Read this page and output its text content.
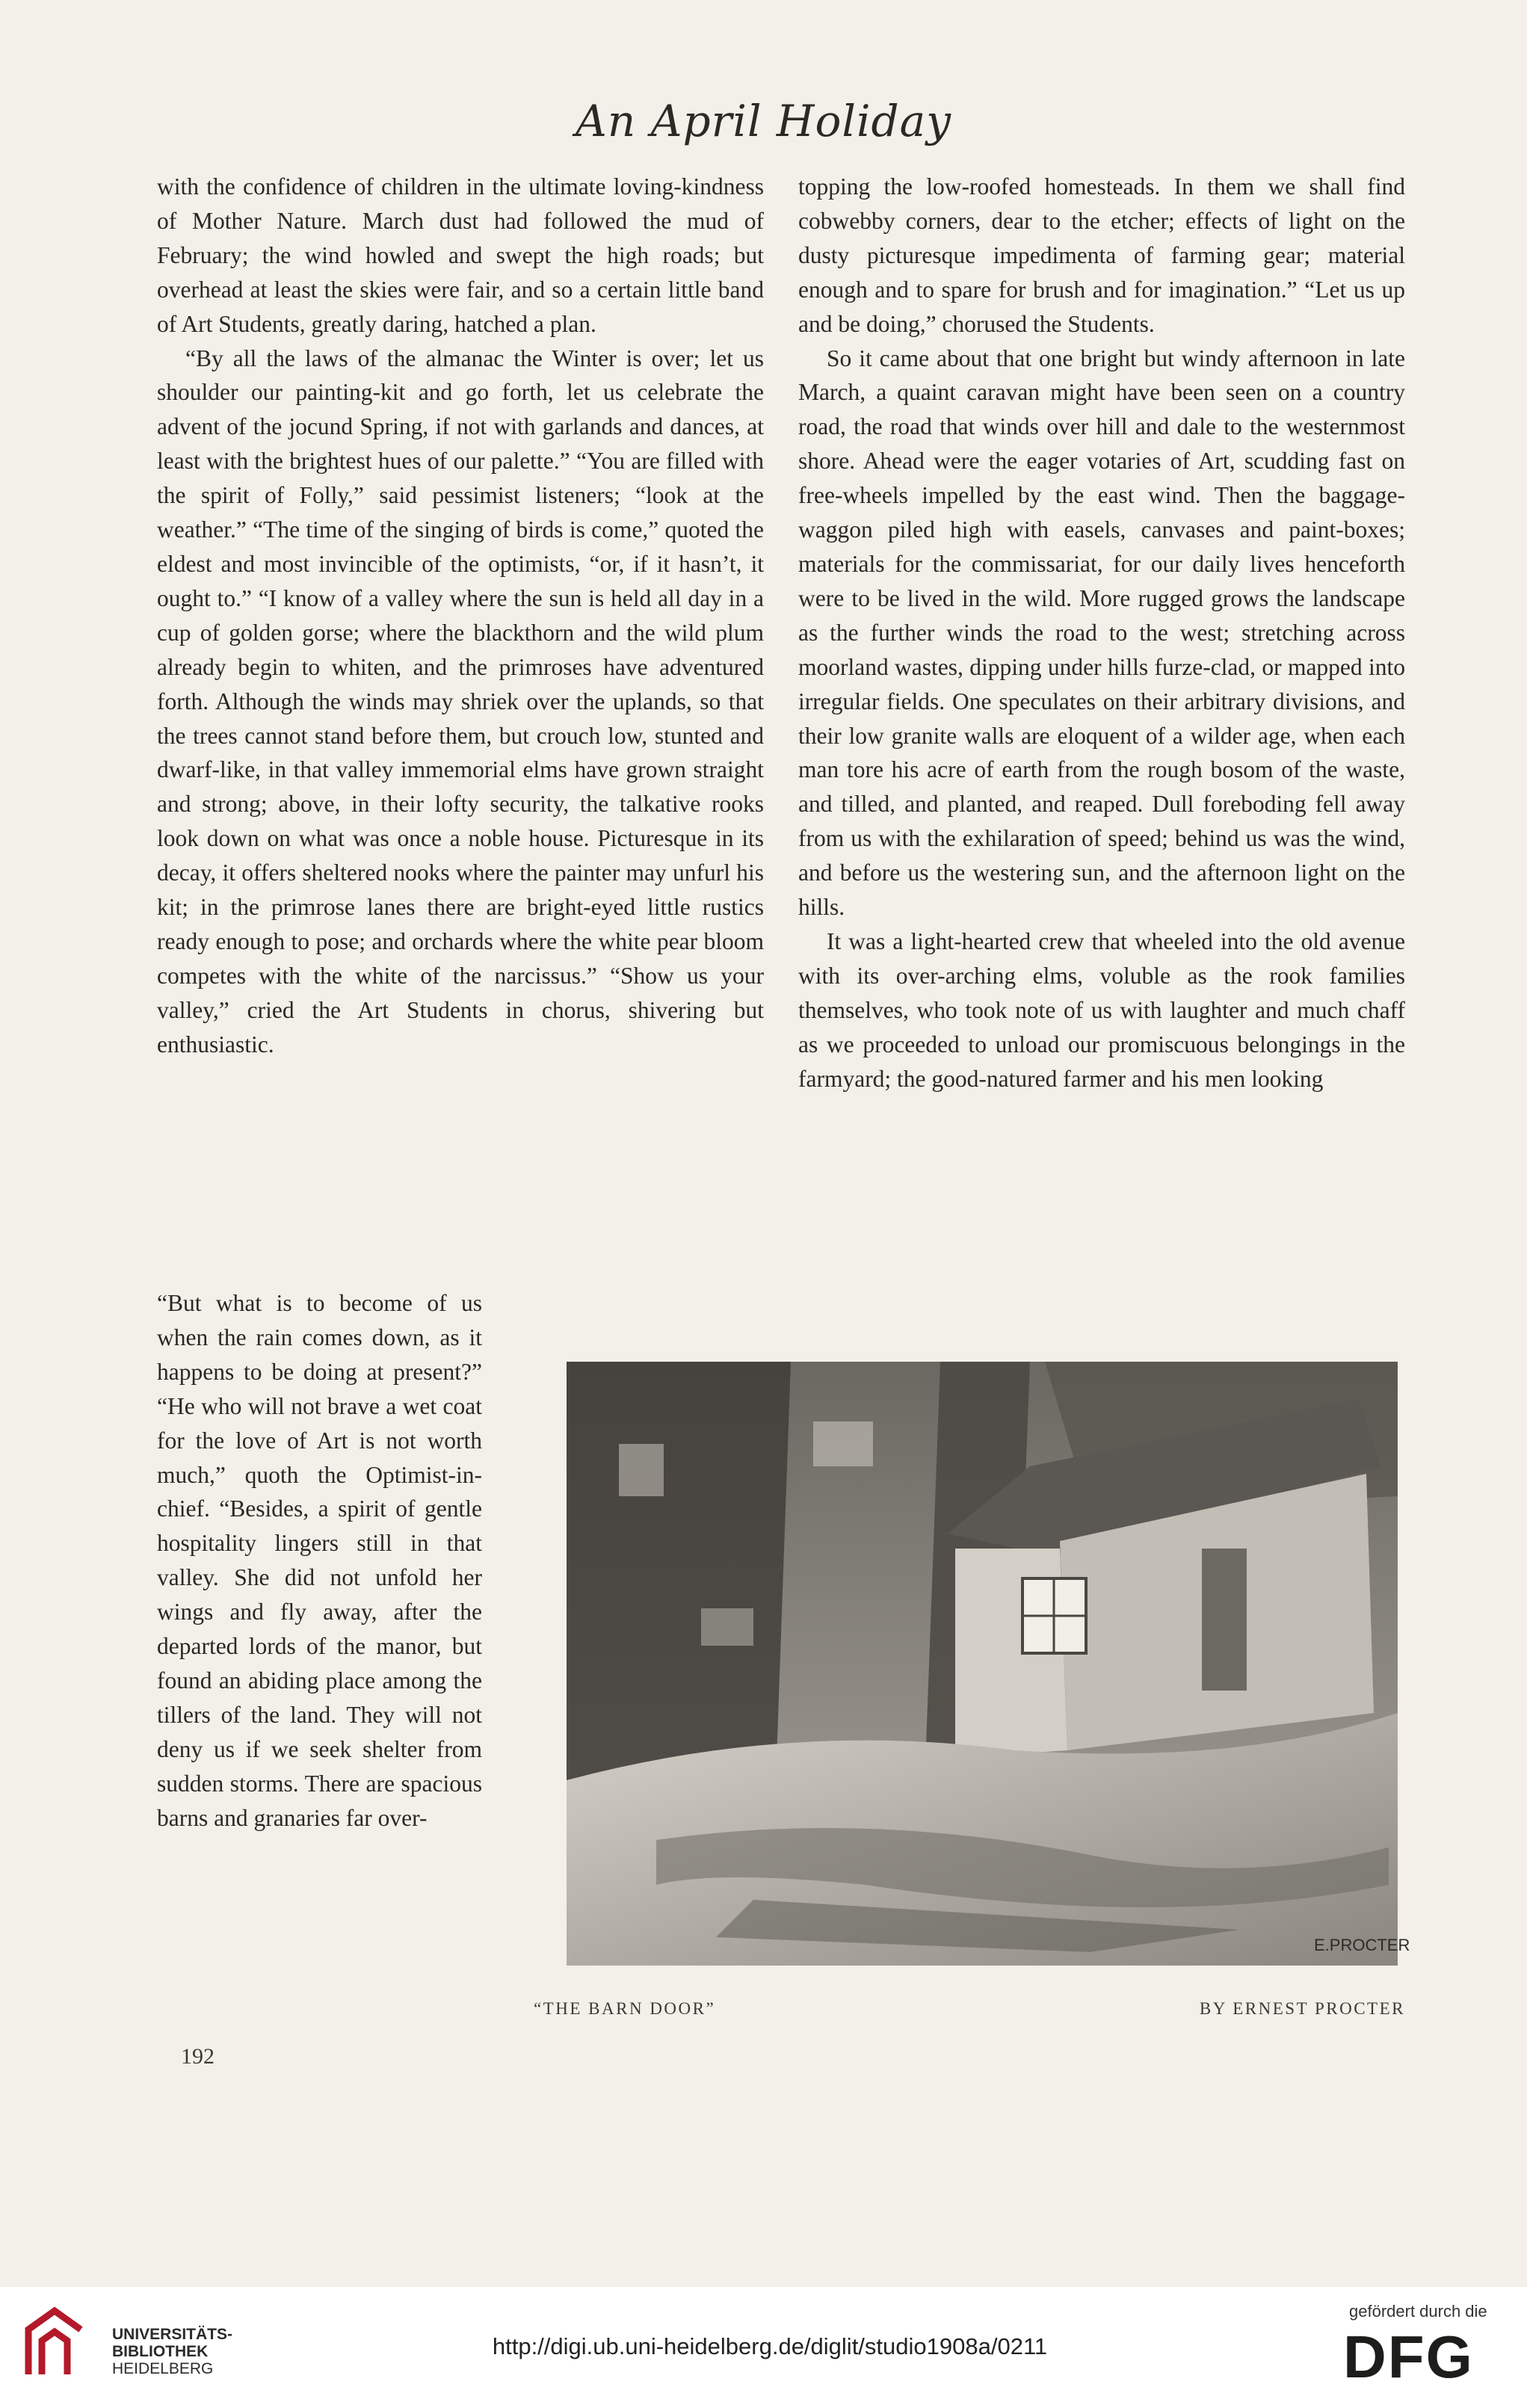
An April Holiday

with the confidence of children in the ultimate loving-kindness of Mother Nature. March dust had followed the mud of February; the wind howled and swept the high roads; but overhead at least the skies were fair, and so a certain little band of Art Students, greatly daring, hatched a plan.

“By all the laws of the almanac the Winter is over; let us shoulder our painting-kit and go forth, let us celebrate the advent of the jocund Spring, if not with garlands and dances, at least with the brightest hues of our palette.” “You are filled with the spirit of Folly,” said pessimist listeners; “look at the weather.” “The time of the singing of birds is come,” quoted the eldest and most invincible of the optimists, “or, if it hasn’t, it ought to.” “I know of a valley where the sun is held all day in a cup of golden gorse; where the blackthorn and the wild plum already begin to whiten, and the primroses have adventured forth. Although the winds may shriek over the uplands, so that the trees cannot stand before them, but crouch low, stunted and dwarf-like, in that valley immemorial elms have grown straight and strong; above, in their lofty security, the talkative rooks look down on what was once a noble house. Picturesque in its decay, it offers sheltered nooks where the painter may unfurl his kit; in the primrose lanes there are bright-eyed little rustics ready enough to pose; and orchards where the white pear bloom competes with the white of the narcissus.” “Show us your valley,” cried the Art Students in chorus, shivering but enthusiastic.

“But what is to become of us when the rain comes down, as it happens to be doing at present?” “He who will not brave a wet coat for the love of Art is not worth much,” quoth the Optimist-in-chief. “Besides, a spirit of gentle hospitality lingers still in that valley. She did not unfold her wings and fly away, after the departed lords of the manor, but found an abiding place among the tillers of the land. They will not deny us if we seek shelter from sudden storms. There are spacious barns and granaries far over-

topping the low-roofed homesteads. In them we shall find cobwebby corners, dear to the etcher; effects of light on the dusty picturesque impedimenta of farming gear; material enough and to spare for brush and for imagination.” “Let us up and be doing,” chorused the Students.

So it came about that one bright but windy afternoon in late March, a quaint caravan might have been seen on a country road, the road that winds over hill and dale to the westernmost shore. Ahead were the eager votaries of Art, scudding fast on free-wheels impelled by the east wind. Then the baggage-waggon piled high with easels, canvases and paint-boxes; materials for the commissariat, for our daily lives henceforth were to be lived in the wild. More rugged grows the landscape as the further winds the road to the west; stretching across moorland wastes, dipping under hills furze-clad, or mapped into irregular fields. One speculates on their arbitrary divisions, and their low granite walls are eloquent of a wilder age, when each man tore his acre of earth from the rough bosom of the waste, and tilled, and planted, and reaped. Dull foreboding fell away from us with the exhilaration of speed; behind us was the wind, and before us the westering sun, and the afternoon light on the hills.

It was a light-hearted crew that wheeled into the old avenue with its over-arching elms, voluble as the rook families themselves, who took note of us with laughter and much chaff as we proceeded to unload our promiscuous belongings in the farmyard; the good-natured farmer and his men looking

E.PROCTER
“THE BARN DOOR”	BY ERNEST PROCTER
192
UNIVERSITÄTS-
BIBLIOTHEK
HEIDELBERG
http://digi.ub.uni-heidelberg.de/diglit/studio1908a/0211
gefördert durch die
DFG
